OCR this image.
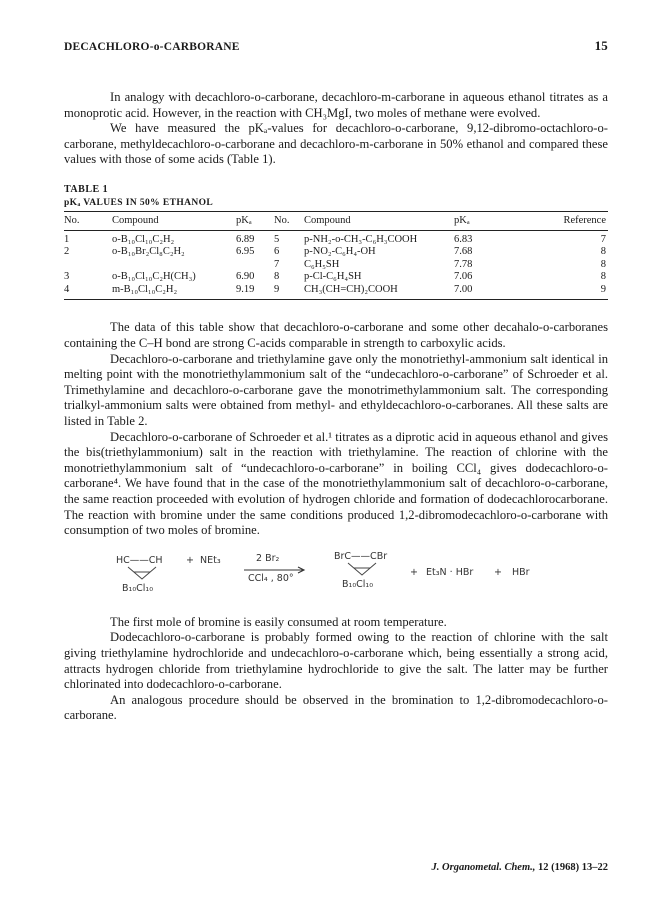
DECACHLORO-o-CARBORANE	15

In analogy with decachloro-o-carborane, decachloro-m-carborane in aqueous ethanol titrates as a monoprotic acid. However, in the reaction with CH₃MgI, two moles of methane were evolved.

We have measured the pKₐ-values for decachloro-o-carborane, 9,12-dibromo-octachloro-o-carborane, methyldecachloro-o-carborane and decachloro-m-carborane in 50% ethanol and compared these values with those of some acids (Table 1).

TABLE 1
pKₐ VALUES IN 50% ETHANOL
No.	Compound	pKₐ	No.	Compound	pKₐ	Reference
1	o-B₁₀Cl₁₀C₂H₂	6.89	5	p-NH₂-o-CH₃-C₆H₃COOH	6.83	7
2	o-B₁₀Br₂Cl₈C₂H₂	6.95	6	p-NO₂-C₆H₄-OH	7.68	8
			7	C₆H₅SH	7.78	8
3	o-B₁₀Cl₁₀C₂H(CH₃)	6.90	8	p-Cl-C₆H₄SH	7.06	8
4	m-B₁₀Cl₁₀C₂H₂	9.19	9	CH₃(CH=CH)₂COOH	7.00	9

The data of this table show that decachloro-o-carborane and some other decahalo-o-carboranes containing the C–H bond are strong C-acids comparable in strength to carboxylic acids.

Decachloro-o-carborane and triethylamine gave only the monotriethyl-ammonium salt identical in melting point with the monotriethylammonium salt of the “undecachloro-o-carborane” of Schroeder et al. Trimethylamine and decachloro-o-carborane gave the monotrimethylammonium salt. The corresponding trialkyl-ammonium salts were obtained from methyl- and ethyldecachloro-o-carboranes. All these salts are listed in Table 2.

Decachloro-o-carborane of Schroeder et al.¹ titrates as a diprotic acid in aqueous ethanol and gives the bis(triethylammonium) salt in the reaction with triethylamine. The reaction of chlorine with the monotriethylammonium salt of “undecachloro-o-carborane” in boiling CCl₄ gives dodecachloro-o-carborane⁴. We have found that in the case of the monotriethylammonium salt of decachloro-o-carborane, the same reaction proceeded with evolution of hydrogen chloride and formation of dodecachlorocarborane. The reaction with bromine under the same conditions produced 1,2-dibromodecachloro-o-carborane with consumption of two moles of bromine.

HC——CH
B₁₀Cl₁₀
+ NEt₃	2 Br₂
CCl₄ , 80°
BrC——CBr
B₁₀Cl₁₀
+ Et₃N · HBr + HBr

The first mole of bromine is easily consumed at room temperature.

Dodecachloro-o-carborane is probably formed owing to the reaction of chlorine with the salt giving triethylamine hydrochloride and undecachloro-o-carborane which, being essentially a strong acid, attracts hydrogen chloride from triethylamine hydrochloride to give the salt. The latter may be further chlorinated into dodecachloro-o-carborane.

An analogous procedure should be observed in the bromination to 1,2-dibromodecachloro-o-carborane.

J. Organometal. Chem., 12 (1968) 13–22
